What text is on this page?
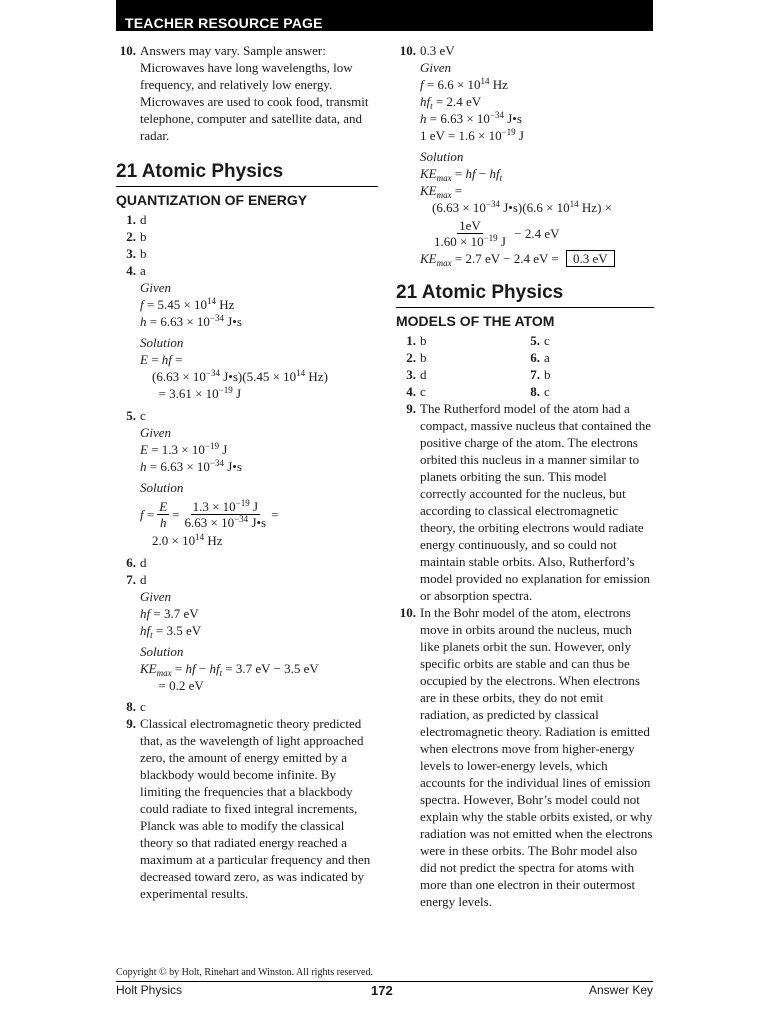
TEACHER RESOURCE PAGE
10. Answers may vary. Sample answer: Microwaves have long wavelengths, low frequency, and relatively low energy. Microwaves are used to cook food, transmit telephone, computer and satellite data, and radar.
21 Atomic Physics
QUANTIZATION OF ENERGY
1. d
2. b
3. b
4. a
Given
$f = 5.45 \times 10^{14}$ Hz
$h = 6.63 \times 10^{-34}$ J•s
Solution
E = hf =
($6.63 \times 10^{-34}$ J•s)(5.45 × $10^{14}$ Hz)
= $3.61 \times 10^{-19}$ J
5. c
Given
$E = 1.3 \times 10^{-19}$ J
$h = 6.63 \times 10^{-34}$ J•s
Solution
$f = \frac{E}{h} = \frac{1.3 \times 10^{-19} J}{6.63 \times 10^{-34} J•s}$ =
$2.0 \times 10^{14}$ Hz
6. d
7. d
Given
hf = 3.7 eV
$hf_t = 3.5$ eV
Solution
$KE_{max}$ = hf − $hf_t = 3.7$ eV − 3.5 eV
= 0.2 eV
8. c
9. Classical electromagnetic theory predicted that, as the wavelength of light approached zero, the amount of energy emitted by a blackbody would become infinite. By limiting the frequencies that a blackbody could radiate to fixed integral increments, Planck was able to modify the classical theory so that radiated energy reached a maximum at a particular frequency and then decreased toward zero, as was indicated by experimental results.
10. 0.3 eV
Given
$f = 6.6 \times 10^{14}$ Hz
$hf_t = 2.4$ eV
$h = 6.63 \times 10^{-34}$ J•s
1 eV = $1.6 \times 10^{-19}$ J
Solution
$KE_{max}$ = hf − $hf_t$
$KE_{max}$ =
($6.63 \times 10^{-34}$ J•s)(6.6 × $10^{14}$ Hz) ×
$\frac{1eV}{1.60 \times 10^{-19} J} - 2.4$ eV
$KE_{max} = 2.7$ eV − 2.4 eV = 0.3 eV
21 Atomic Physics
MODELS OF THE ATOM
1. b	5. c
2. b	6. a
3. d	7. b
4. c	8. c
9. The Rutherford model of the atom had a compact, massive nucleus that contained the positive charge of the atom. The electrons orbited this nucleus in a manner similar to planets orbiting the sun. This model correctly accounted for the nucleus, but according to classical electromagnetic theory, the orbiting electrons would radiate energy continuously, and so could not maintain stable orbits. Also, Rutherford’s model provided no explanation for emission or absorption spectra.
10. In the Bohr model of the atom, electrons move in orbits around the nucleus, much like planets orbit the sun. However, only specific orbits are stable and can thus be occupied by the electrons. When electrons are in these orbits, they do not emit radiation, as predicted by classical electromagnetic theory. Radiation is emitted when electrons move from higher-energy levels to lower-energy levels, which accounts for the individual lines of emission spectra. However, Bohr’s model could not explain why the stable orbits existed, or why radiation was not emitted when the electrons were in these orbits. The Bohr model also did not predict the spectra for atoms with more than one electron in their outermost energy levels.
Copyright © by Holt, Rinehart and Winston. All rights reserved.
Holt Physics	172	Answer Key
